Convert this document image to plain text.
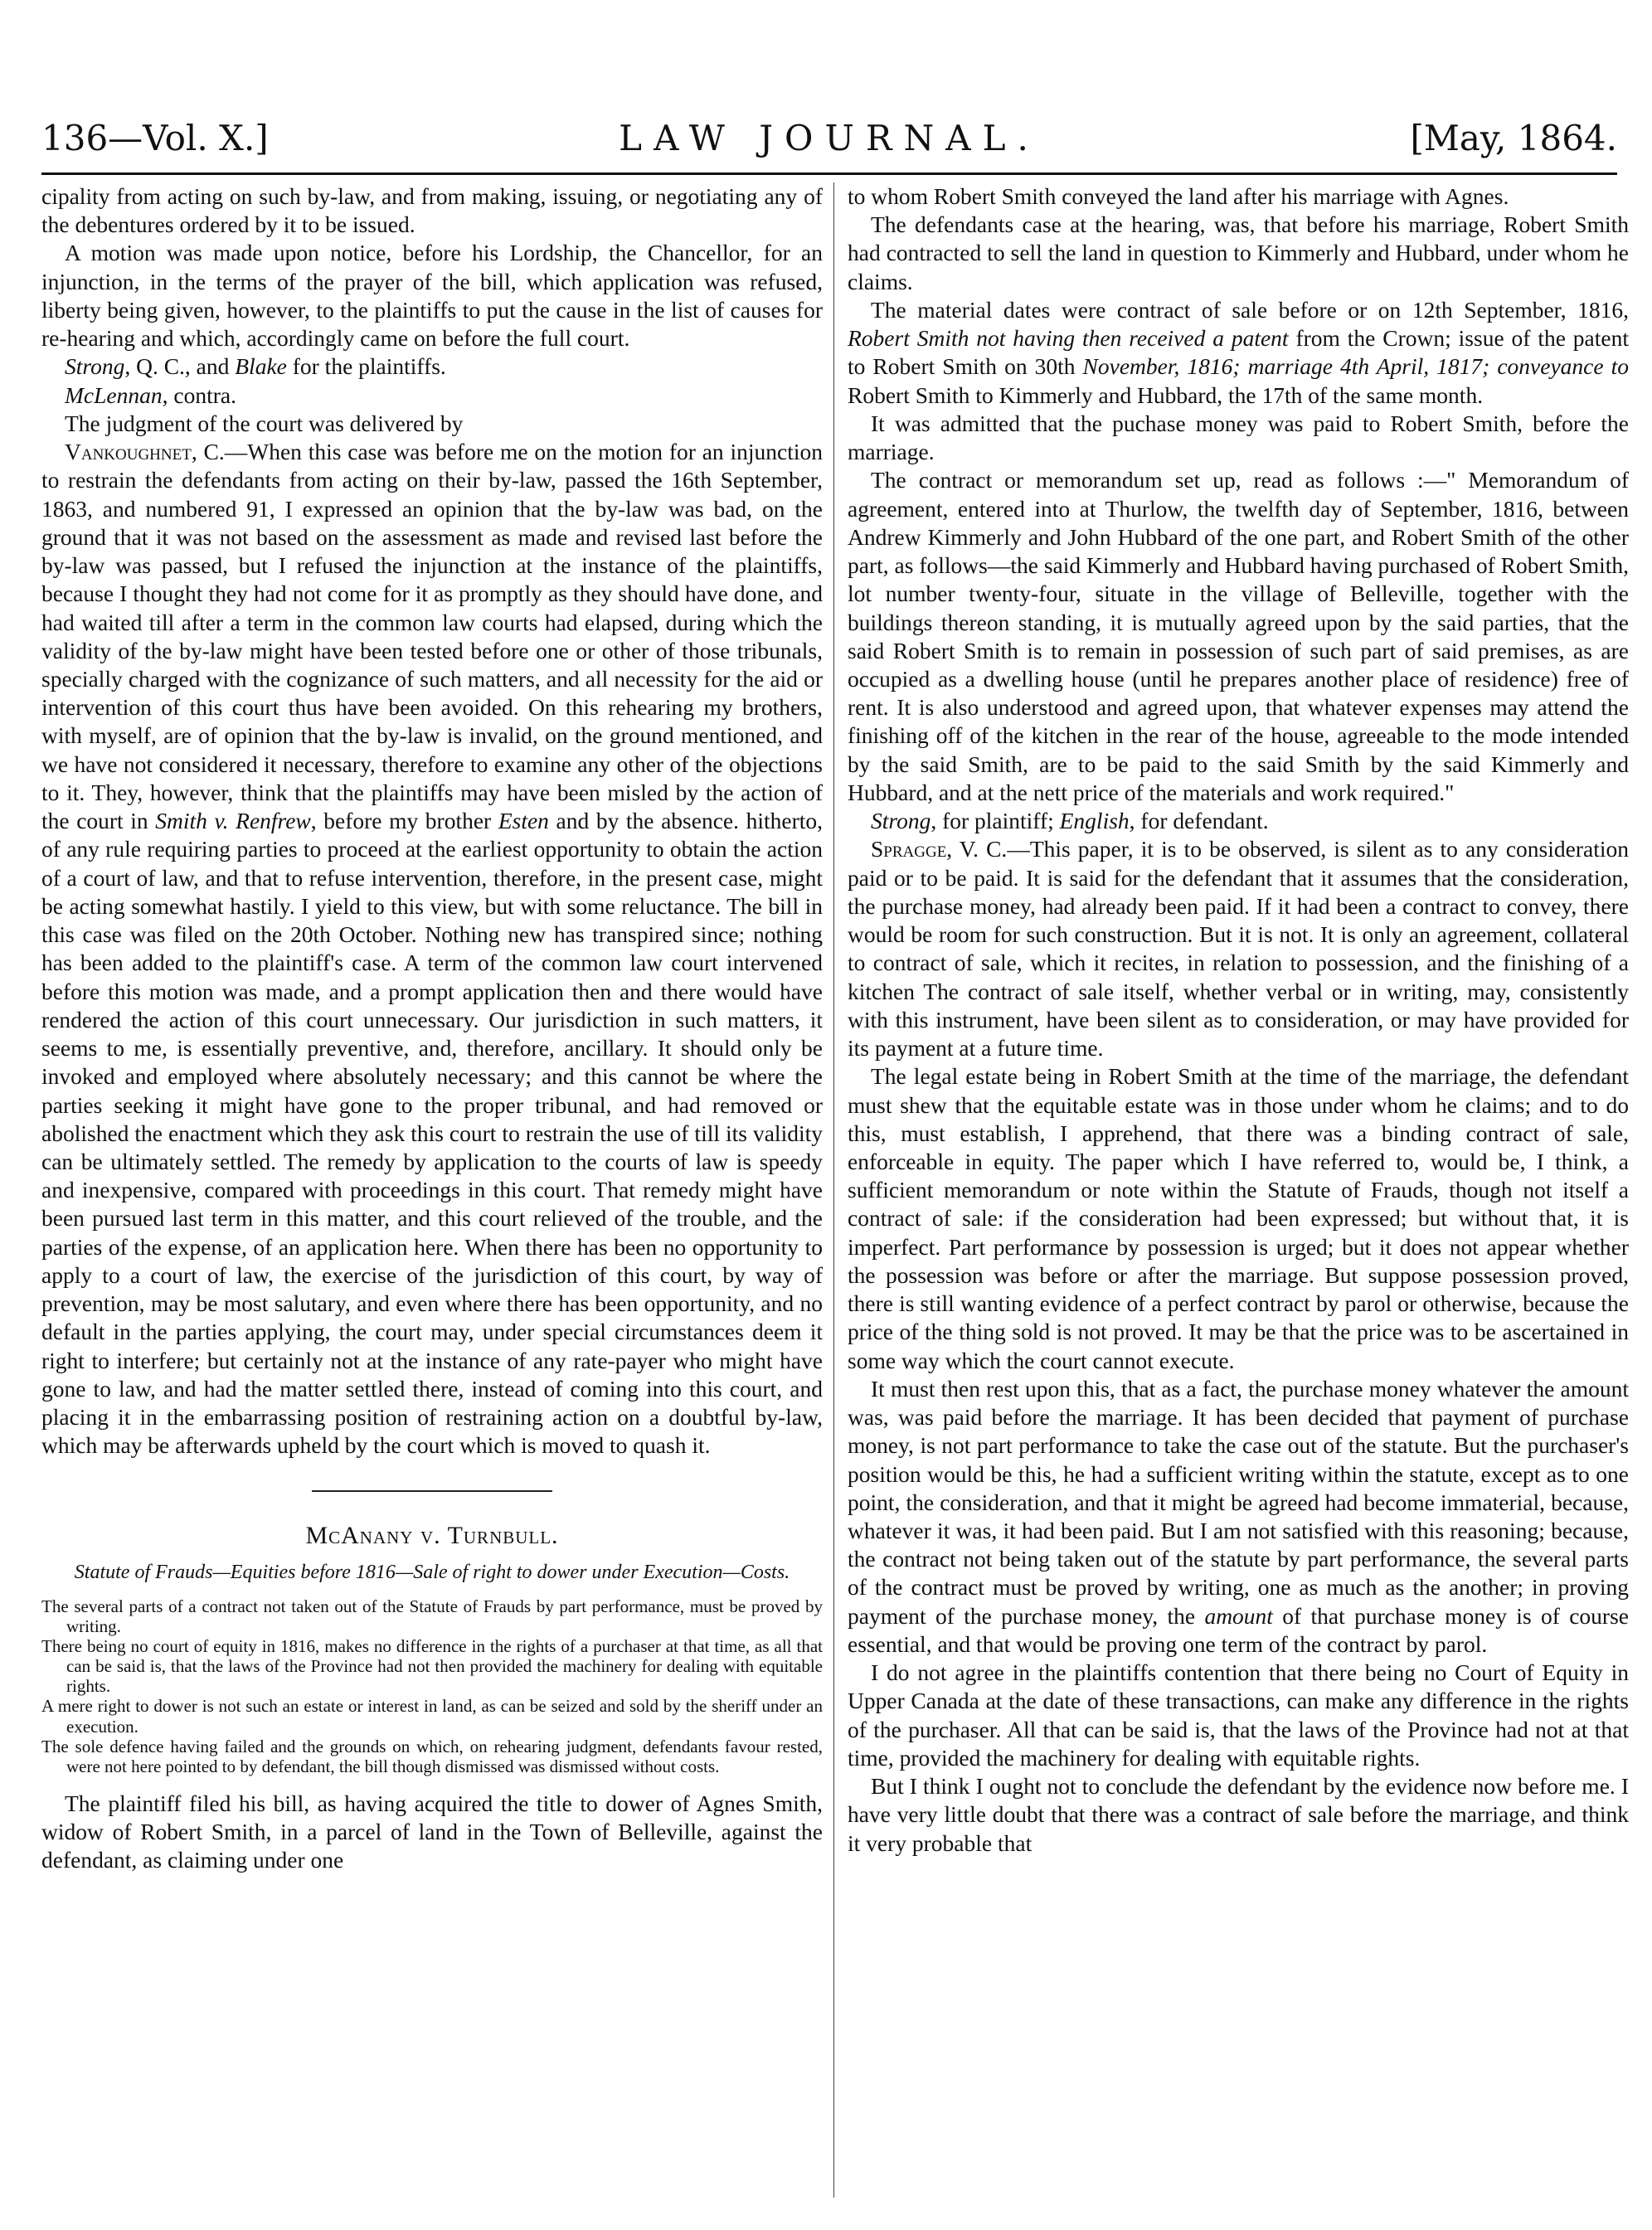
136—Vol. X.]	LAW JOURNAL.	[May, 1864.

cipality from acting on such by-law, and from making, issuing, or negotiating any of the debentures ordered by it to be issued.

A motion was made upon notice, before his Lordship, the Chancellor, for an injunction, in the terms of the prayer of the bill, which application was refused, liberty being given, however, to the plaintiffs to put the cause in the list of causes for re-hearing and which, accordingly came on before the full court.

Strong, Q. C., and Blake for the plaintiffs.

McLennan, contra.

The judgment of the court was delivered by

Vankoughnet, C.—When this case was before me on the motion for an injunction to restrain the defendants from acting on their by-law, passed the 16th September, 1863, and numbered 91, I expressed an opinion that the by-law was bad, on the ground that it was not based on the assessment as made and revised last before the by-law was passed, but I refused the injunction at the instance of the plaintiffs, because I thought they had not come for it as promptly as they should have done, and had waited till after a term in the common law courts had elapsed, during which the validity of the by-law might have been tested before one or other of those tribunals, specially charged with the cognizance of such matters, and all necessity for the aid or intervention of this court thus have been avoided. On this rehearing my brothers, with myself, are of opinion that the by-law is invalid, on the ground mentioned, and we have not considered it necessary, therefore to examine any other of the objections to it. They, however, think that the plaintiffs may have been misled by the action of the court in Smith v. Renfrew, before my brother Esten and by the absence. hitherto, of any rule requiring parties to proceed at the earliest opportunity to obtain the action of a court of law, and that to refuse intervention, therefore, in the present case, might be acting somewhat hastily. I yield to this view, but with some reluctance. The bill in this case was filed on the 20th October. Nothing new has transpired since; nothing has been added to the plaintiff's case. A term of the common law court intervened before this motion was made, and a prompt application then and there would have rendered the action of this court unnecessary. Our jurisdiction in such matters, it seems to me, is essentially preventive, and, therefore, ancillary. It should only be invoked and employed where absolutely necessary; and this cannot be where the parties seeking it might have gone to the proper tribunal, and had removed or abolished the enactment which they ask this court to restrain the use of till its validity can be ultimately settled. The remedy by application to the courts of law is speedy and inexpensive, compared with proceedings in this court. That remedy might have been pursued last term in this matter, and this court relieved of the trouble, and the parties of the expense, of an application here. When there has been no opportunity to apply to a court of law, the exercise of the jurisdiction of this court, by way of prevention, may be most salutary, and even where there has been opportunity, and no default in the parties applying, the court may, under special circumstances deem it right to interfere; but certainly not at the instance of any rate-payer who might have gone to law, and had the matter settled there, instead of coming into this court, and placing it in the embarrassing position of restraining action on a doubtful by-law, which may be afterwards upheld by the court which is moved to quash it.

McAnany v. Turnbull.
Statute of Frauds—Equities before 1816—Sale of right to dower under Execution—Costs.

The several parts of a contract not taken out of the Statute of Frauds by part performance, must be proved by writing.

There being no court of equity in 1816, makes no difference in the rights of a purchaser at that time, as all that can be said is, that the laws of the Province had not then provided the machinery for dealing with equitable rights.

A mere right to dower is not such an estate or interest in land, as can be seized and sold by the sheriff under an execution.

The sole defence having failed and the grounds on which, on rehearing judgment, defendants favour rested, were not here pointed to by defendant, the bill though dismissed was dismissed without costs.

The plaintiff filed his bill, as having acquired the title to dower of Agnes Smith, widow of Robert Smith, in a parcel of land in the Town of Belleville, against the defendant, as claiming under one

to whom Robert Smith conveyed the land after his marriage with Agnes.

The defendants case at the hearing, was, that before his marriage, Robert Smith had contracted to sell the land in question to Kimmerly and Hubbard, under whom he claims.

The material dates were contract of sale before or on 12th September, 1816, Robert Smith not having then received a patent from the Crown; issue of the patent to Robert Smith on 30th November, 1816; marriage 4th April, 1817; conveyance to Robert Smith to Kimmerly and Hubbard, the 17th of the same month.

It was admitted that the puchase money was paid to Robert Smith, before the marriage.

The contract or memorandum set up, read as follows :—" Memorandum of agreement, entered into at Thurlow, the twelfth day of September, 1816, between Andrew Kimmerly and John Hubbard of the one part, and Robert Smith of the other part, as follows—the said Kimmerly and Hubbard having purchased of Robert Smith, lot number twenty-four, situate in the village of Belleville, together with the buildings thereon standing, it is mutually agreed upon by the said parties, that the said Robert Smith is to remain in possession of such part of said premises, as are occupied as a dwelling house (until he prepares another place of residence) free of rent. It is also understood and agreed upon, that whatever expenses may attend the finishing off of the kitchen in the rear of the house, agreeable to the mode intended by the said Smith, are to be paid to the said Smith by the said Kimmerly and Hubbard, and at the nett price of the materials and work required."

Strong, for plaintiff; English, for defendant.

Spragge, V. C.—This paper, it is to be observed, is silent as to any consideration paid or to be paid. It is said for the defendant that it assumes that the consideration, the purchase money, had already been paid. If it had been a contract to convey, there would be room for such construction. But it is not. It is only an agreement, collateral to contract of sale, which it recites, in relation to possession, and the finishing of a kitchen The contract of sale itself, whether verbal or in writing, may, consistently with this instrument, have been silent as to consideration, or may have provided for its payment at a future time.

The legal estate being in Robert Smith at the time of the marriage, the defendant must shew that the equitable estate was in those under whom he claims; and to do this, must establish, I apprehend, that there was a binding contract of sale, enforceable in equity. The paper which I have referred to, would be, I think, a sufficient memorandum or note within the Statute of Frauds, though not itself a contract of sale: if the consideration had been expressed; but without that, it is imperfect. Part performance by possession is urged; but it does not appear whether the possession was before or after the marriage. But suppose possession proved, there is still wanting evidence of a perfect contract by parol or otherwise, because the price of the thing sold is not proved. It may be that the price was to be ascertained in some way which the court cannot execute.

It must then rest upon this, that as a fact, the purchase money whatever the amount was, was paid before the marriage. It has been decided that payment of purchase money, is not part performance to take the case out of the statute. But the purchaser's position would be this, he had a sufficient writing within the statute, except as to one point, the consideration, and that it might be agreed had become immaterial, because, whatever it was, it had been paid. But I am not satisfied with this reasoning; because, the contract not being taken out of the statute by part performance, the several parts of the contract must be proved by writing, one as much as the another; in proving payment of the purchase money, the amount of that purchase money is of course essential, and that would be proving one term of the contract by parol.

I do not agree in the plaintiffs contention that there being no Court of Equity in Upper Canada at the date of these transactions, can make any difference in the rights of the purchaser. All that can be said is, that the laws of the Province had not at that time, provided the machinery for dealing with equitable rights.

But I think I ought not to conclude the defendant by the evidence now before me. I have very little doubt that there was a contract of sale before the marriage, and think it very probable that
